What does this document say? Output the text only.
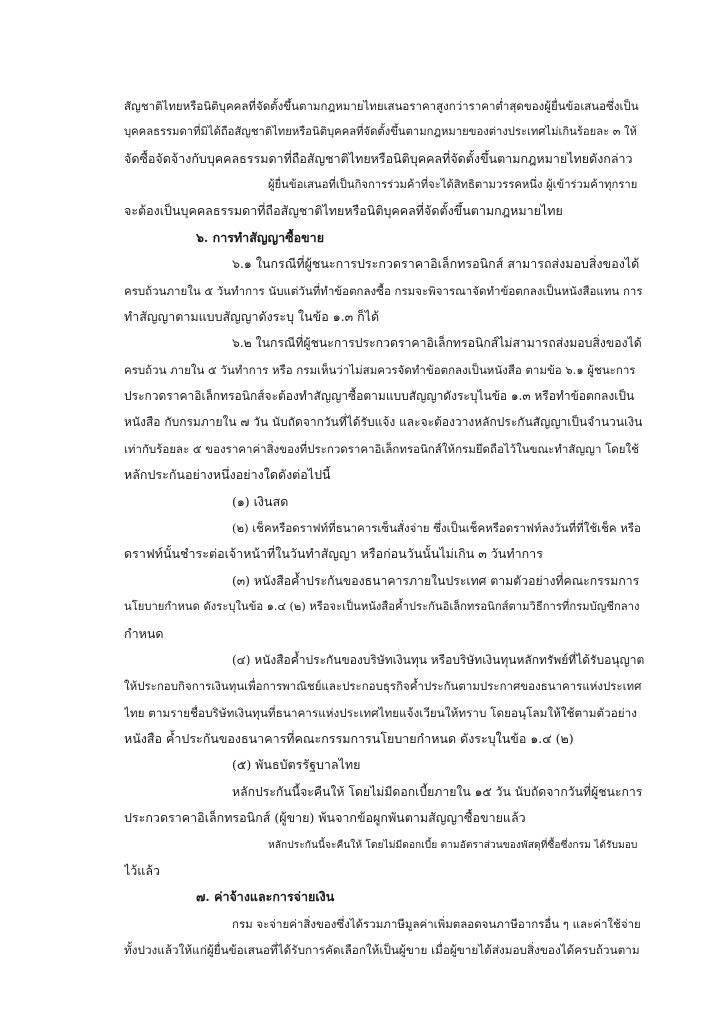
สัญชาติไทยหรือนิติบุคคลที่จัดตั้งขึ้นตามกฎหมายไทยเสนอราคาสูงกว่าราคาต่ำสุดของผู้ยื่นข้อเสนอซึ่งเป็น
บุคคลธรรมดาที่มิได้ถือสัญชาติไทยหรือนิติบุคคลที่จัดตั้งขึ้นตามกฎหมายของต่างประเทศไม่เกินร้อยละ ๓ ให้
จัดซื้อจัดจ้างกับบุคคลธรรมดาที่ถือสัญชาติไทยหรือนิติบุคคลที่จัดตั้งขึ้นตามกฎหมายไทยดังกล่าว
ผู้ยื่นข้อเสนอที่เป็นกิจการร่วมค้าที่จะได้สิทธิตามวรรคหนึ่ง ผู้เข้าร่วมค้าทุกราย
จะต้องเป็นบุคคลธรรมดาที่ถือสัญชาติไทยหรือนิติบุคคลที่จัดตั้งขึ้นตามกฎหมายไทย
๖. การทำสัญญาซื้อขาย
๖.๑ ในกรณีที่ผู้ชนะการประกวดราคาอิเล็กทรอนิกส์ สามารถส่งมอบสิ่งของได้
ครบถ้วนภายใน ๕ วันทำการ นับแต่วันที่ทำข้อตกลงซื้อ กรมจะพิจารณาจัดทำข้อตกลงเป็นหนังสือแทน การ
ทำสัญญาตามแบบสัญญาดังระบุ ในข้อ ๑.๓ ก็ได้
๖.๒ ในกรณีที่ผู้ชนะการประกวดราคาอิเล็กทรอนิกส์ไม่สามารถส่งมอบสิ่งของได้
ครบถ้วน ภายใน ๕ วันทำการ หรือ กรมเห็นว่าไม่สมควรจัดทำข้อตกลงเป็นหนังสือ ตามข้อ ๖.๑ ผู้ชนะการ
ประกวดราคาอิเล็กทรอนิกส์จะต้องทำสัญญาซื้อตามแบบสัญญาดังระบุไนข้อ ๑.๓ หรือทำข้อตกลงเป็น
หนังสือ กับกรมภายใน ๗ วัน นับถัดจากวันที่ได้รับแจ้ง และจะต้องวางหลักประกันสัญญาเป็นจำนวนเงิน
เท่ากับร้อยละ ๕ ของราคาค่าสิ่งของที่ประกวดราคาอิเล็กทรอนิกส์ให้กรมยึดถือไว้ในขณะทำสัญญา โดยใช้
หลักประกันอย่างหนึ่งอย่างใดดังต่อไปนี้
(๑) เงินสด
(๒) เช็คหรือดราฟท์ที่ธนาคารเซ็นสั่งจ่าย ซึ่งเป็นเช็คหรือดราฟท์ลงวันที่ที่ใช้เช็ค หรือ
ดราฟท์นั้นชำระต่อเจ้าหน้าที่ในวันทำสัญญา หรือก่อนวันนั้นไม่เกิน ๓ วันทำการ
(๓) หนังสือค้ำประกันของธนาคารภายในประเทศ ตามตัวอย่างที่คณะกรรมการ
นโยบายกำหนด ดังระบุในข้อ ๑.๔ (๒) หรือจะเป็นหนังสือค้ำประกันอิเล็กทรอนิกส์ตามวิธีการที่กรมบัญชีกลาง
กำหนด
(๔) หนังสือค้ำประกันของบริษัทเงินทุน หรือบริษัทเงินทุนหลักทรัพย์ที่ได้รับอนุญาต
ให้ประกอบกิจการเงินทุนเพื่อการพาณิชย์และประกอบธุรกิจค้ำประกันตามประกาศของธนาคารแห่งประเทศ
ไทย ตามรายชื่อบริษัทเงินทุนที่ธนาคารแห่งประเทศไทยแจ้งเวียนให้ทราบ โดยอนุโลมให้ใช้ตามตัวอย่าง
หนังสือ ค้ำประกันของธนาคารที่คณะกรรมการนโยบายกำหนด ดังระบุในข้อ ๑.๔ (๒)
(๕) พันธบัตรรัฐบาลไทย
หลักประกันนี้จะคืนให้ โดยไม่มีดอกเบี้ยภายใน ๑๕ วัน นับถัดจากวันที่ผู้ชนะการ
ประกวดราคาอิเล็กทรอนิกส์ (ผู้ขาย) พ้นจากข้อผูกพันตามสัญญาซื้อขายแล้ว
หลักประกันนี้จะคืนให้ โดยไม่มีดอกเบี้ย ตามอัตราส่วนของพัสดุที่ซื้อซึ่งกรม ได้รับมอบ
ไว้แล้ว
๗. ค่าจ้างและการจ่ายเงิน
กรม จะจ่ายค่าสิ่งของซึ่งได้รวมภาษีมูลค่าเพิ่มตลอดจนภาษีอากรอื่น ๆ และค่าใช้จ่าย
ทั้งปวงแล้วให้แก่ผู้ยื่นข้อเสนอที่ได้รับการคัดเลือกให้เป็นผู้ขาย เมื่อผู้ขายได้ส่งมอบสิ่งของได้ครบถ้วนตาม
